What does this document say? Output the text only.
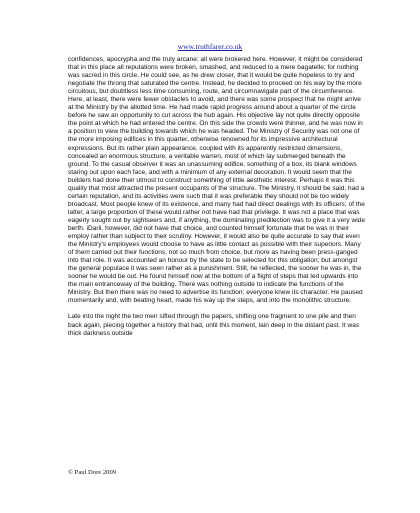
www.truthfarer.co.uk

confidences, apocrypha and the truly arcane; all were brokered here. However, it might be considered that in this place all reputations were broken, smashed, and reduced to a mere bagatelle; for nothing was sacred in this circle. He could see, as he drew closer, that it would be quite hopeless to try and negotiate the throng that saturated the centre. Instead, he decided to proceed on his way by the more circuitous, but doubtless less time consuming, route, and circumnavigate part of the circumference. Here, at least, there were fewer obstacles to avoid, and there was some prospect that he might arrive at the Ministry by the allotted time. He had made rapid progress around about a quarter of the circle before he saw an opportunity to cut across the hub again. His objective lay not quite directly opposite the point at which he had entered the centre. On this side the crowds were thinner, and he was now in a position to view the building towards which he was headed. The Ministry of Security was not one of the more imposing edifices in this quarter, otherwise renowned for its impressive architectural expressions. But its rather plain appearance, coupled with its apparently restricted dimensions, concealed an enormous structure, a veritable warren, most of which lay submerged beneath the ground. To the casual observer it was an unassuming edifice, something of a box, its blank windows staring out upon each face, and with a minimum of any external decoration. It would seem that the builders had done their utmost to construct something of little aesthetic interest. Perhaps it was this quality that most attracted the present occupants of the structure. The Ministry, it should be said, had a certain reputation, and its activities were such that it was preferable they should not be too widely broadcast. Most people knew of its existence, and many had had direct dealings with its officers; of the latter, a large proportion of these would rather not have had that privilege. It was not a place that was eagerly sought out by sightseers and, if anything, the dominating predilection was to give it a very wide berth. iDarii, however, did not have that choice, and counted himself fortunate that he was in their employ rather than subject to their scrutiny. However, it would also be quite accurate to say that even the Ministry's employees would choose to have as little contact as possible with their superiors. Many of them carried out their functions, not so much from choice, but more as having been press-ganged into that role. It was accounted an honour by the state to be selected for this obligation; but amongst the general populace it was seen rather as a punishment. Still, he reflected, the sooner he was in, the sooner he would be out. He found himself now at the bottom of a flight of steps that led upwards into the main entranceway of the building. There was nothing outside to indicate the functions of the Ministry. But then there was no need to advertise its function; everyone knew its character. He paused momentarily and, with beating heart, made his way up the steps, and into the monolithic structure.

Late into the night the two men sifted through the papers, shifting one fragment to one pile and then back again, piecing together a history that had, until this moment, lain deep in the distant past. It was thick darkness outside

© Paul Dore 2009
